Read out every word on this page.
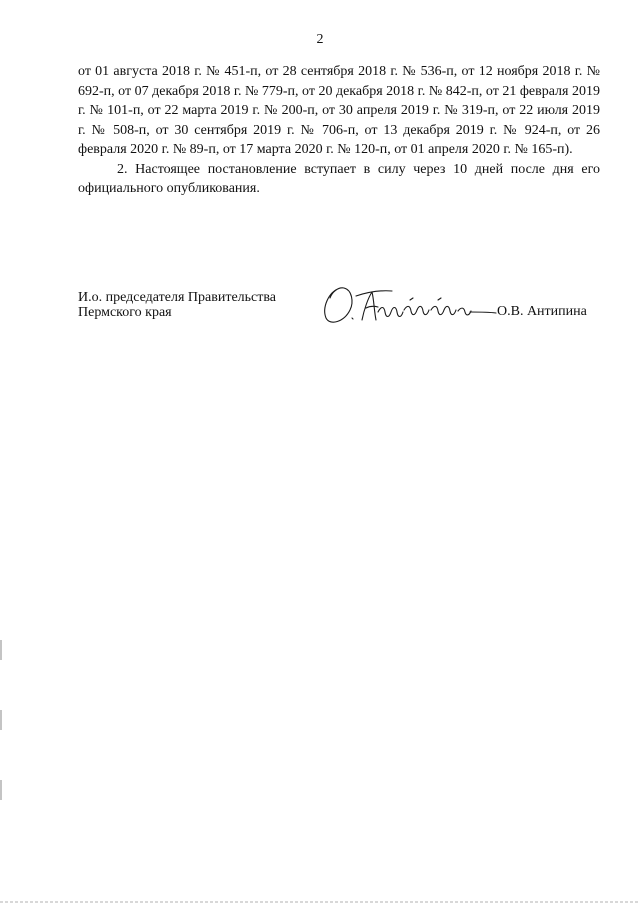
2

от 01 августа 2018 г. № 451-п, от 28 сентября 2018 г. № 536-п, от 12 ноября 2018 г. № 692-п, от 07 декабря 2018 г. № 779-п, от 20 декабря 2018 г. № 842-п, от 21 февраля 2019 г. № 101-п, от 22 марта 2019 г. № 200-п, от 30 апреля 2019 г. № 319-п, от 22 июля 2019 г. № 508-п, от 30 сентября 2019 г. № 706-п, от 13 декабря 2019 г. № 924-п, от 26 февраля 2020 г. № 89-п, от 17 марта 2020 г. № 120-п, от 01 апреля 2020 г. № 165-п).

2. Настоящее постановление вступает в силу через 10 дней после дня его официального опубликования.

И.о. председателя Правительства
Пермского края	О.В. Антипина
